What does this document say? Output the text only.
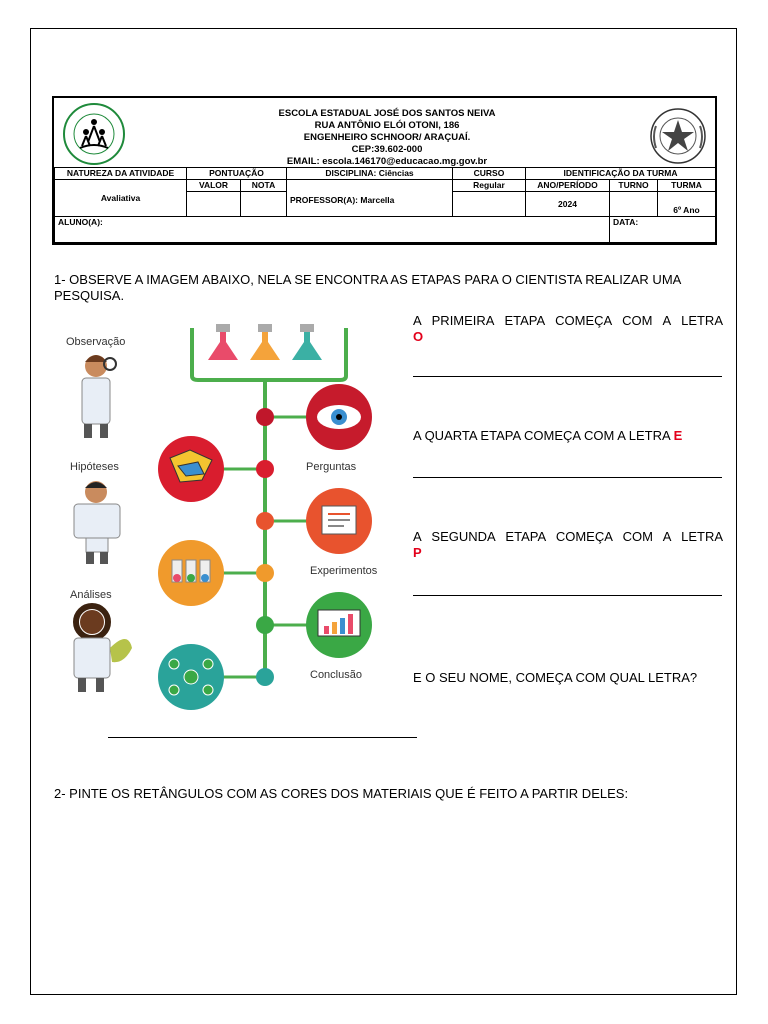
ESCOLA ESTADUAL JOSÉ DOS SANTOS NEIVA
RUA ANTÔNIO ELÓI OTONI, 186
ENGENHEIRO SCHNOOR/ ARAÇUAÍ.
CEP:39.602-000
EMAIL: escola.146170@educacao.mg.gov.br
NATUREZA DA ATIVIDADE	PONTUAÇÃO		DISCIPLINA: Ciências	CURSO	IDENTIFICAÇÃO DA TURMA		
Avaliativa	VALOR	NOTA	PROFESSOR(A): Marcella	Regular	ANO/PERÍODO	TURNO	TURMA
					2024		6º Ano
ALUNO(A):						DATA:	
1- OBSERVE A IMAGEM ABAIXO, NELA SE ENCONTRA AS ETAPAS PARA O CIENTISTA REALIZAR UMA PESQUISA.
Observação
Hipóteses
Análises
Perguntas
Experimentos
Conclusão
A PRIMEIRA ETAPA COMEÇA COM A LETRA
O
A QUARTA ETAPA COMEÇA COM A LETRA E
A SEGUNDA ETAPA COMEÇA COM A LETRA
P
E O SEU NOME, COMEÇA COM QUAL LETRA?
2- PINTE OS RETÂNGULOS COM AS CORES DOS MATERIAIS QUE É FEITO A PARTIR DELES:
